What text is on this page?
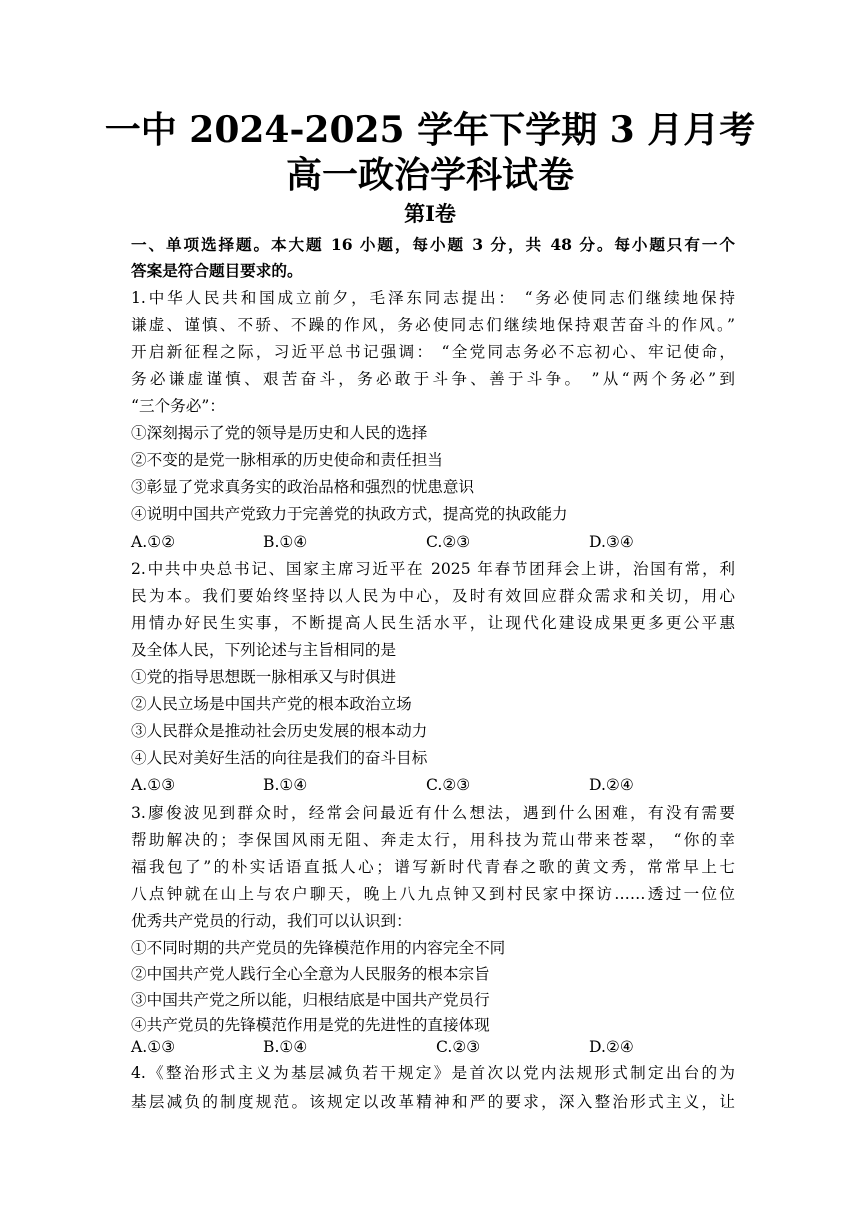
一中 2024-2025 学年下学期 3 月月考
高一政治学科试卷
第Ⅰ卷
一、单项选择题。本大题 16 小题，每小题 3 分，共 48 分。每小题只有一个
答案是符合题目要求的。
1.中华人民共和国成立前夕，毛泽东同志提出： “务必使同志们继续地保持
谦虚、谨慎、不骄、不躁的作风，务必使同志们继续地保持艰苦奋斗的作风。”
开启新征程之际，习近平总书记强调： “全党同志务必不忘初心、牢记使命，
务必谦虚谨慎、艰苦奋斗，务必敢于斗争、善于斗争。 ”从“两个务必”到
“三个务必”：
①深刻揭示了党的领导是历史和人民的选择
②不变的是党一脉相承的历史使命和责任担当
③彰显了党求真务实的政治品格和强烈的忧患意识
④说明中国共产党致力于完善党的执政方式，提高党的执政能力
A.①②	B.①④	C.②③	D.③④
2.中共中央总书记、国家主席习近平在 2025 年春节团拜会上讲，治国有常，利
民为本。我们要始终坚持以人民为中心，及时有效回应群众需求和关切，用心
用情办好民生实事，不断提高人民生活水平，让现代化建设成果更多更公平惠
及全体人民，下列论述与主旨相同的是
①党的指导思想既一脉相承又与时俱进
②人民立场是中国共产党的根本政治立场
③人民群众是推动社会历史发展的根本动力
④人民对美好生活的向往是我们的奋斗目标
A.①③	B.①④	C.②③	D.②④
3.廖俊波见到群众时，经常会问最近有什么想法，遇到什么困难，有没有需要
帮助解决的；李保国风雨无阻、奔走太行，用科技为荒山带来苍翠， “你的幸
福我包了”的朴实话语直抵人心；谱写新时代青春之歌的黄文秀，常常早上七
八点钟就在山上与农户聊天，晚上八九点钟又到村民家中探访……透过一位位
优秀共产党员的行动，我们可以认识到：
①不同时期的共产党员的先锋模范作用的内容完全不同
②中国共产党人践行全心全意为人民服务的根本宗旨
③中国共产党之所以能，归根结底是中国共产党员行
④共产党员的先锋模范作用是党的先进性的直接体现
A.①③	B.①④	C.②③	D.②④
4.《整治形式主义为基层减负若干规定》是首次以党内法规形式制定出台的为
基层减负的制度规范。该规定以改革精神和严的要求，深入整治形式主义，让
